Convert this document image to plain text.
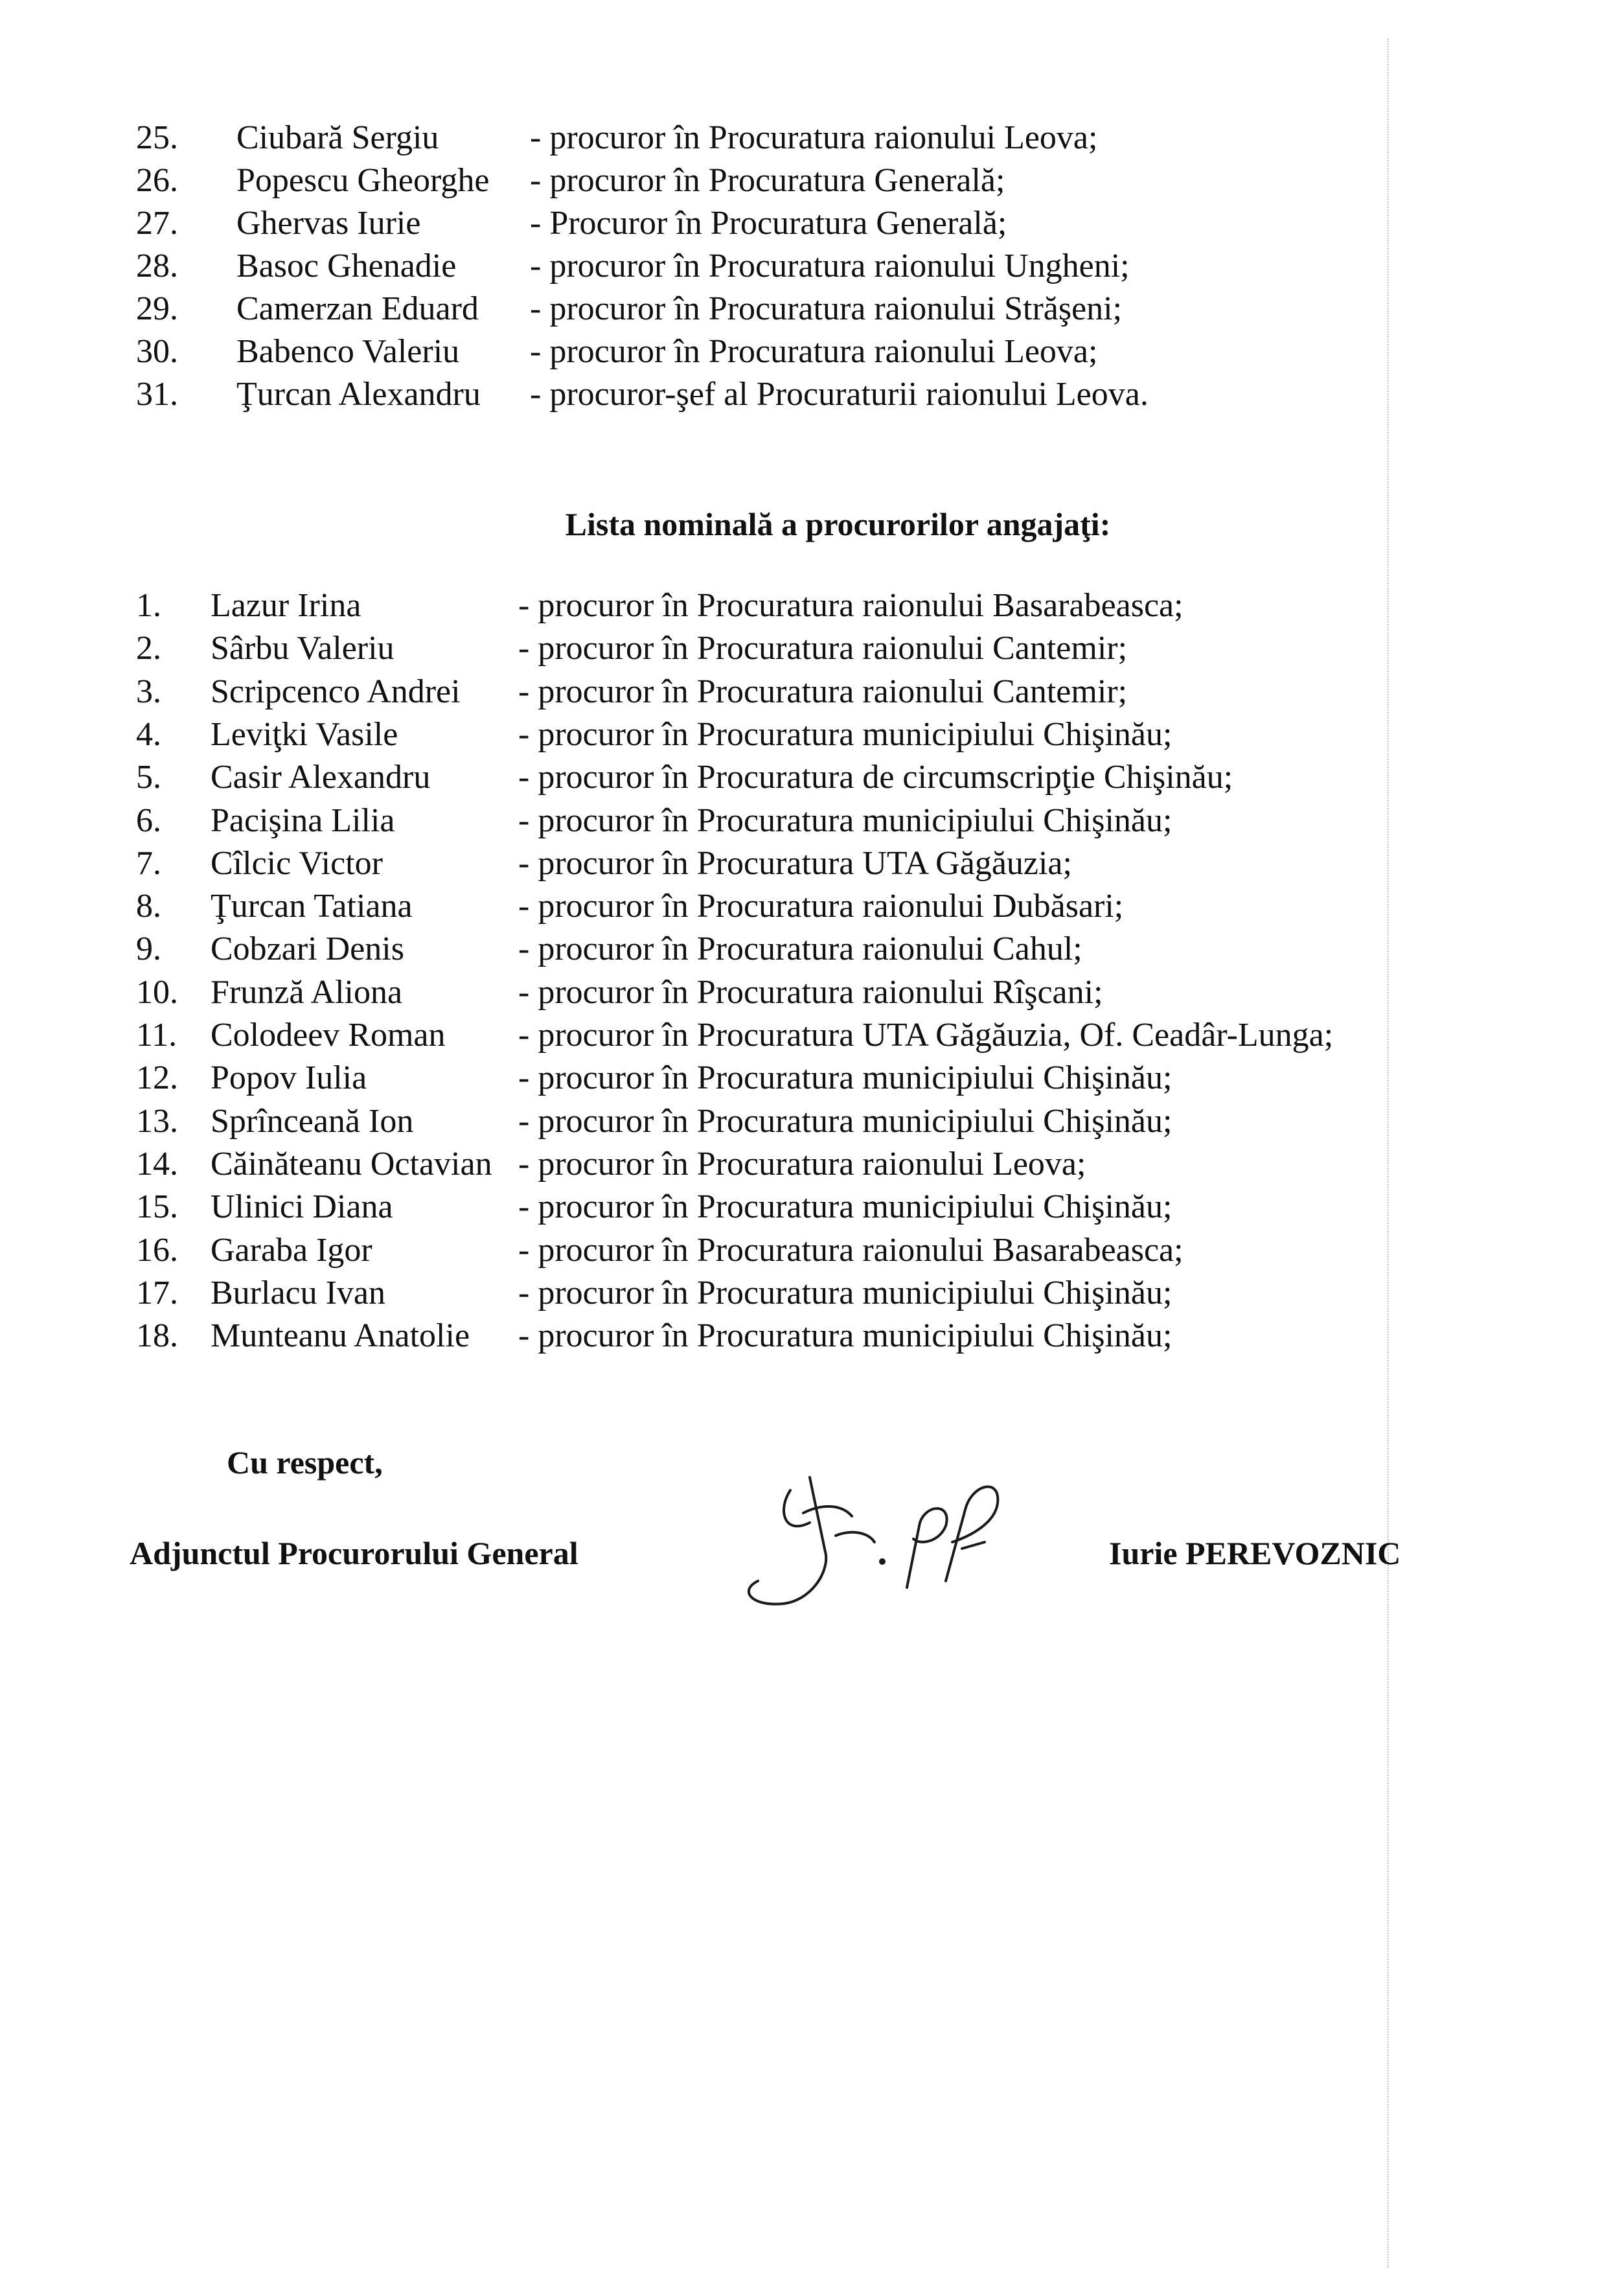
25. Ciubară Sergiu	- procuror în Procuratura raionului Leova;
26. Popescu Gheorghe - procuror în Procuratura Generală;
27. Ghervas Iurie	- Procuror în Procuratura Generală;
28. Basoc Ghenadie - procuror în Procuratura raionului Ungheni;
29. Camerzan Eduard - procuror în Procuratura raionului Străşeni;
30. Babenco Valeriu - procuror în Procuratura raionului Leova;
31. Ţurcan Alexandru - procuror-şef al Procuraturii raionului Leova.
Lista nominală a procurorilor angajaţi:
1. Lazur Irina	- procuror în Procuratura raionului Basarabeasca;
2. Sârbu Valeriu	- procuror în Procuratura raionului Cantemir;
3. Scripcenco Andrei - procuror în Procuratura raionului Cantemir;
4. Leviţki Vasile	- procuror în Procuratura municipiului Chişinău;
5. Casir Alexandru	- procuror în Procuratura de circumscripţie Chişinău;
6. Pacişina Lilia	- procuror în Procuratura municipiului Chişinău;
7. Cîlcic Victor	- procuror în Procuratura UTA Găgăuzia;
8. Ţurcan Tatiana	- procuror în Procuratura raionului Dubăsari;
9. Cobzari Denis	- procuror în Procuratura raionului Cahul;
10. Frunză Aliona	- procuror în Procuratura raionului Rîşcani;
11. Colodeev Roman - procuror în Procuratura UTA Găgăuzia, Of. Ceadâr-Lunga;
12. Popov Iulia	- procuror în Procuratura municipiului Chişinău;
13. Sprînceană Ion	- procuror în Procuratura municipiului Chişinău;
14. Căinăteanu Octavian - procuror în Procuratura raionului Leova;
15. Ulinici Diana	- procuror în Procuratura municipiului Chişinău;
16. Garaba Igor	- procuror în Procuratura raionului Basarabeasca;
17. Burlacu Ivan	- procuror în Procuratura municipiului Chişinău;
18. Munteanu Anatolie - procuror în Procuratura municipiului Chişinău;
Cu respect,
Adjunctul Procurorului General	Iurie PEREVOZNIC
